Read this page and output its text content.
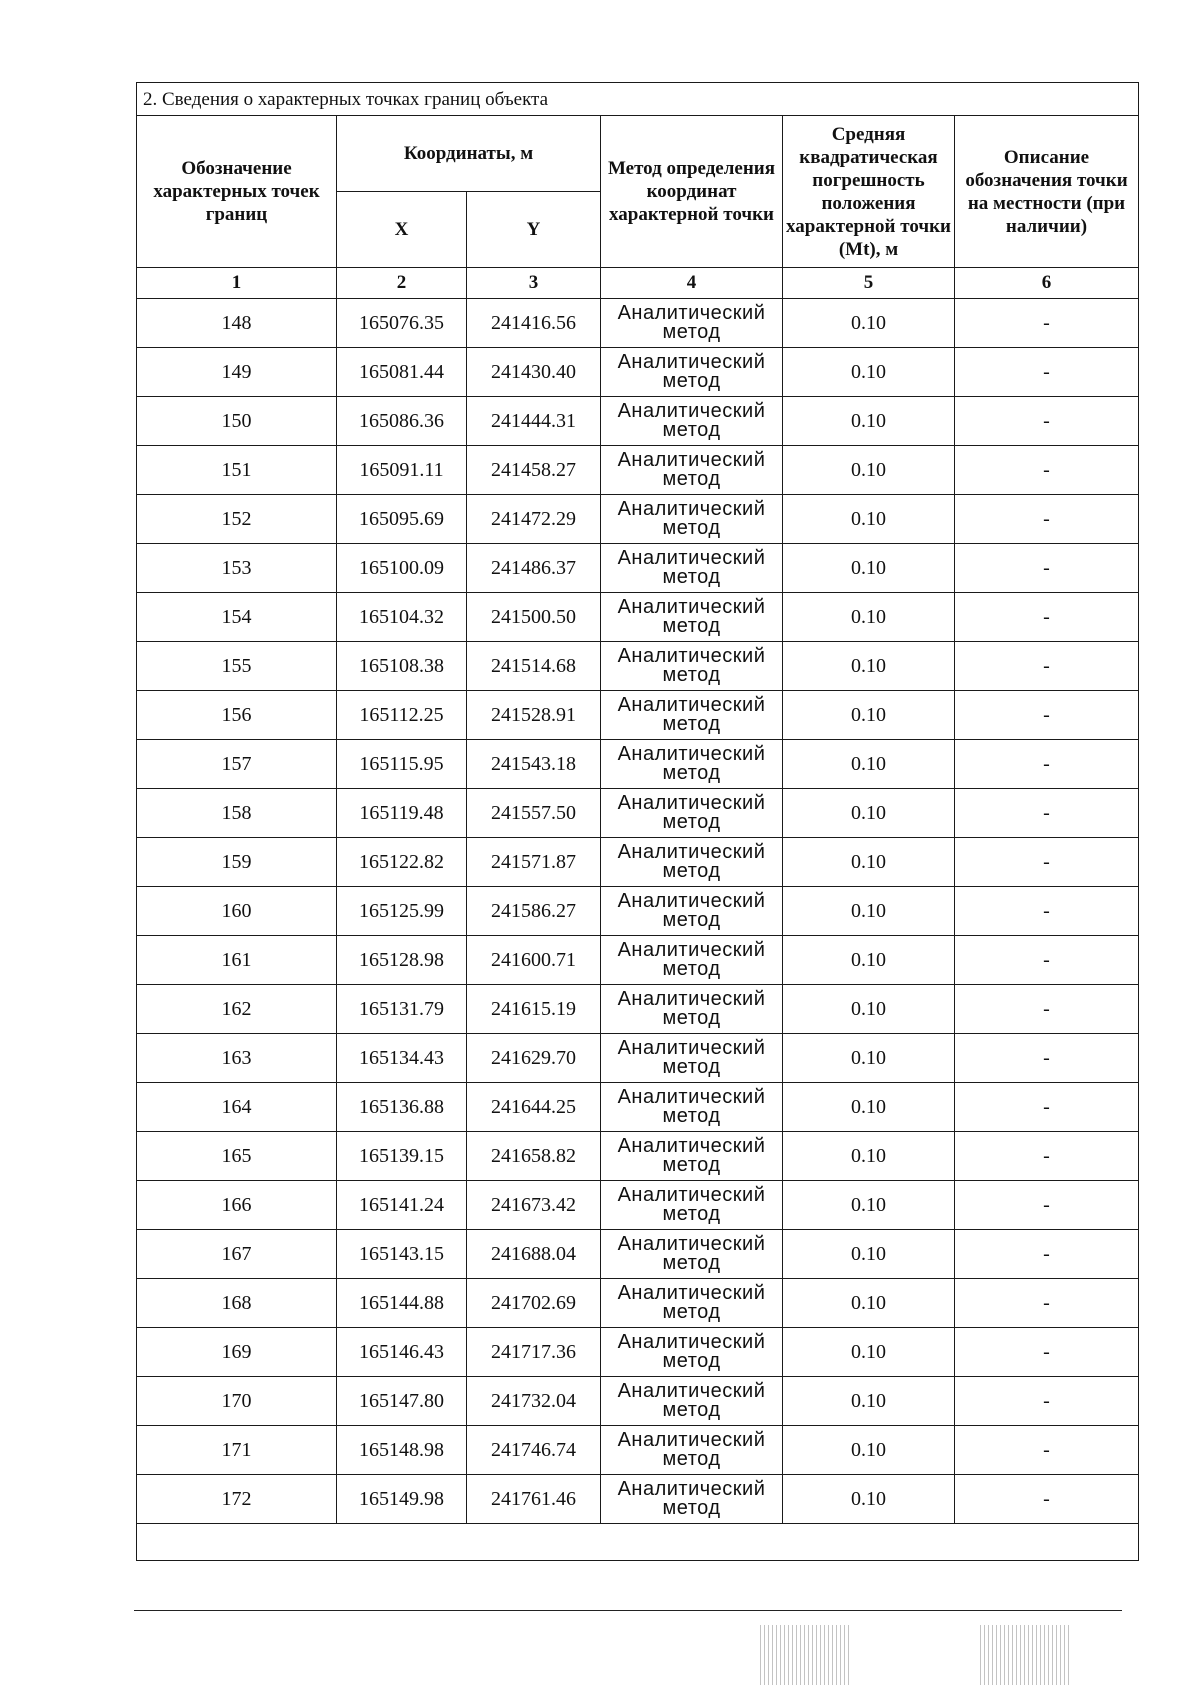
2. Сведения о характерных точках границ объекта					
Обозначение характерных точек границ	Координаты, м		Метод определения координат характерной точки	Средняя квадратическая погрешность положения характерной точки (Mt), м	Описание обозначения точки на местности (при наличии)
	X	Y			
1	2	3	4	5	6
148	165076.35	241416.56	Аналитический метод	0.10	-
149	165081.44	241430.40	Аналитический метод	0.10	-
150	165086.36	241444.31	Аналитический метод	0.10	-
151	165091.11	241458.27	Аналитический метод	0.10	-
152	165095.69	241472.29	Аналитический метод	0.10	-
153	165100.09	241486.37	Аналитический метод	0.10	-
154	165104.32	241500.50	Аналитический метод	0.10	-
155	165108.38	241514.68	Аналитический метод	0.10	-
156	165112.25	241528.91	Аналитический метод	0.10	-
157	165115.95	241543.18	Аналитический метод	0.10	-
158	165119.48	241557.50	Аналитический метод	0.10	-
159	165122.82	241571.87	Аналитический метод	0.10	-
160	165125.99	241586.27	Аналитический метод	0.10	-
161	165128.98	241600.71	Аналитический метод	0.10	-
162	165131.79	241615.19	Аналитический метод	0.10	-
163	165134.43	241629.70	Аналитический метод	0.10	-
164	165136.88	241644.25	Аналитический метод	0.10	-
165	165139.15	241658.82	Аналитический метод	0.10	-
166	165141.24	241673.42	Аналитический метод	0.10	-
167	165143.15	241688.04	Аналитический метод	0.10	-
168	165144.88	241702.69	Аналитический метод	0.10	-
169	165146.43	241717.36	Аналитический метод	0.10	-
170	165147.80	241732.04	Аналитический метод	0.10	-
171	165148.98	241746.74	Аналитический метод	0.10	-
172	165149.98	241761.46	Аналитический метод	0.10	-
